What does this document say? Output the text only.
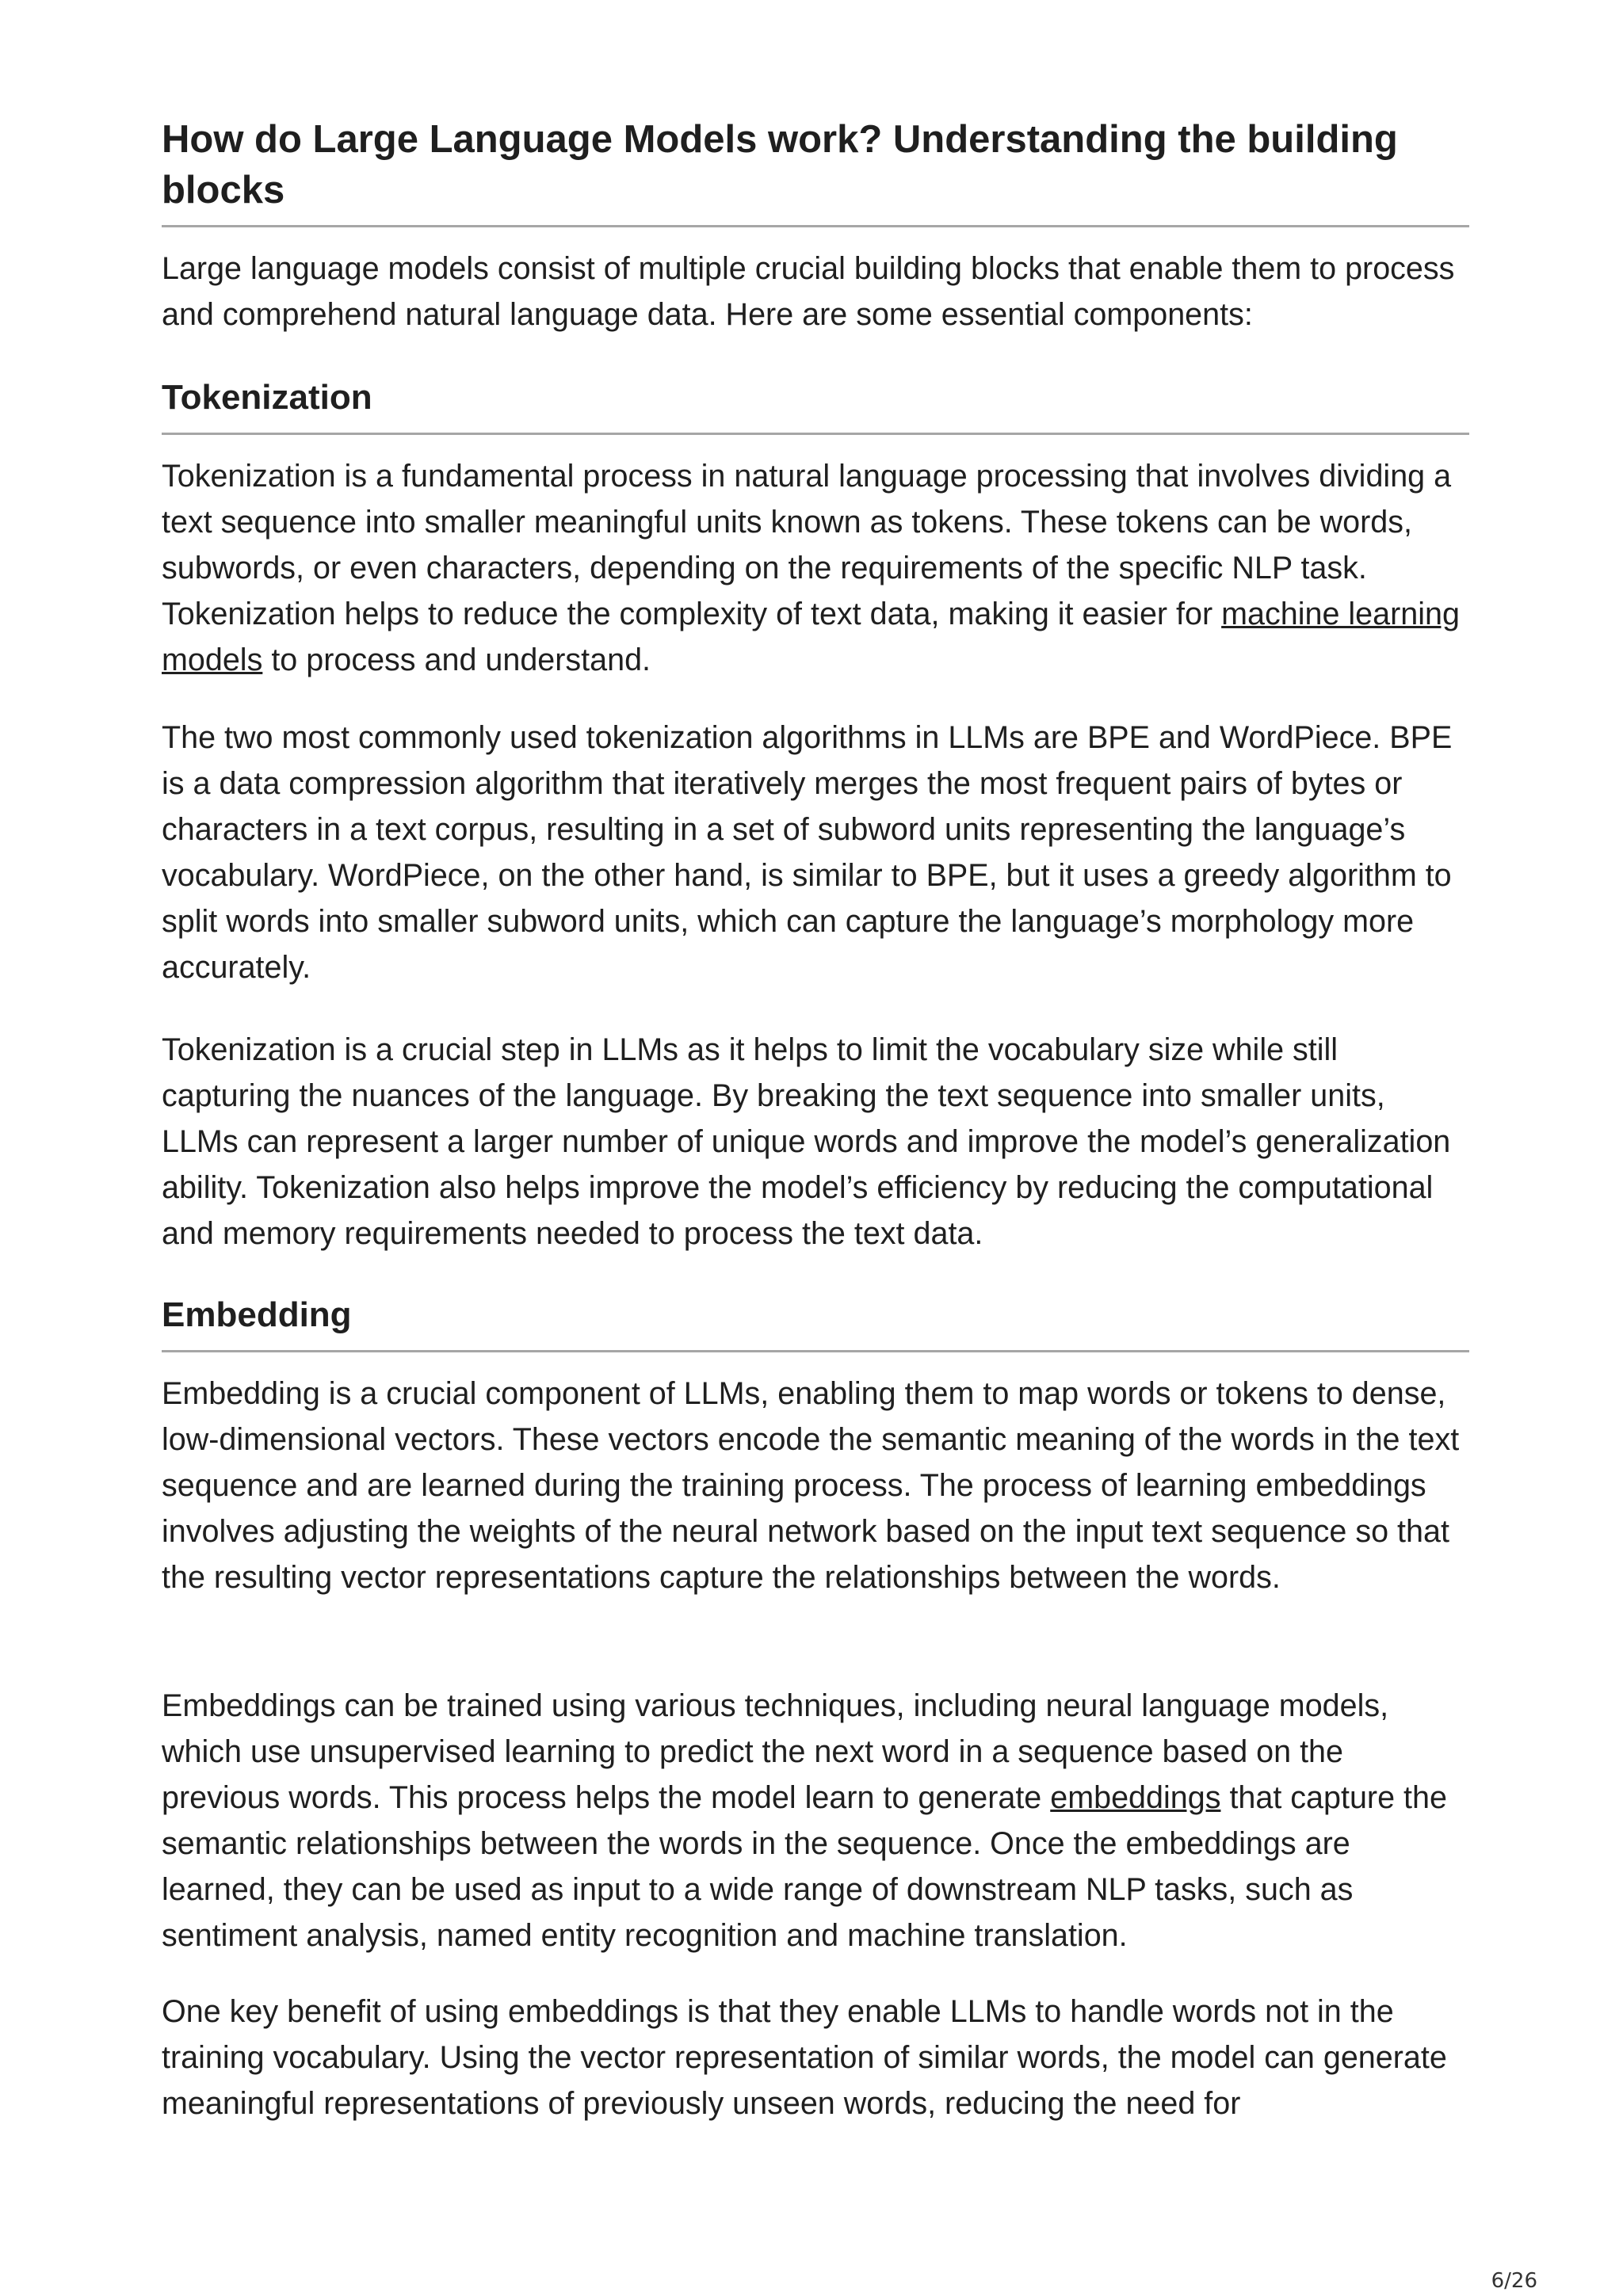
How do Large Language Models work? Understanding the building blocks

Large language models consist of multiple crucial building blocks that enable them to process and comprehend natural language data. Here are some essential components:

Tokenization

Tokenization is a fundamental process in natural language processing that involves dividing a text sequence into smaller meaningful units known as tokens. These tokens can be words, subwords, or even characters, depending on the requirements of the specific NLP task. Tokenization helps to reduce the complexity of text data, making it easier for machine learning models to process and understand.

The two most commonly used tokenization algorithms in LLMs are BPE and WordPiece. BPE is a data compression algorithm that iteratively merges the most frequent pairs of bytes or characters in a text corpus, resulting in a set of subword units representing the language’s vocabulary. WordPiece, on the other hand, is similar to BPE, but it uses a greedy algorithm to split words into smaller subword units, which can capture the language’s morphology more accurately.

Tokenization is a crucial step in LLMs as it helps to limit the vocabulary size while still capturing the nuances of the language. By breaking the text sequence into smaller units, LLMs can represent a larger number of unique words and improve the model’s generalization ability. Tokenization also helps improve the model’s efficiency by reducing the computational and memory requirements needed to process the text data.

Embedding

Embedding is a crucial component of LLMs, enabling them to map words or tokens to dense, low-dimensional vectors. These vectors encode the semantic meaning of the words in the text sequence and are learned during the training process. The process of learning embeddings involves adjusting the weights of the neural network based on the input text sequence so that the resulting vector representations capture the relationships between the words.

Embeddings can be trained using various techniques, including neural language models, which use unsupervised learning to predict the next word in a sequence based on the previous words. This process helps the model learn to generate embeddings that capture the semantic relationships between the words in the sequence. Once the embeddings are learned, they can be used as input to a wide range of downstream NLP tasks, such as sentiment analysis, named entity recognition and machine translation.

One key benefit of using embeddings is that they enable LLMs to handle words not in the training vocabulary. Using the vector representation of similar words, the model can generate meaningful representations of previously unseen words, reducing the need for

6/26
